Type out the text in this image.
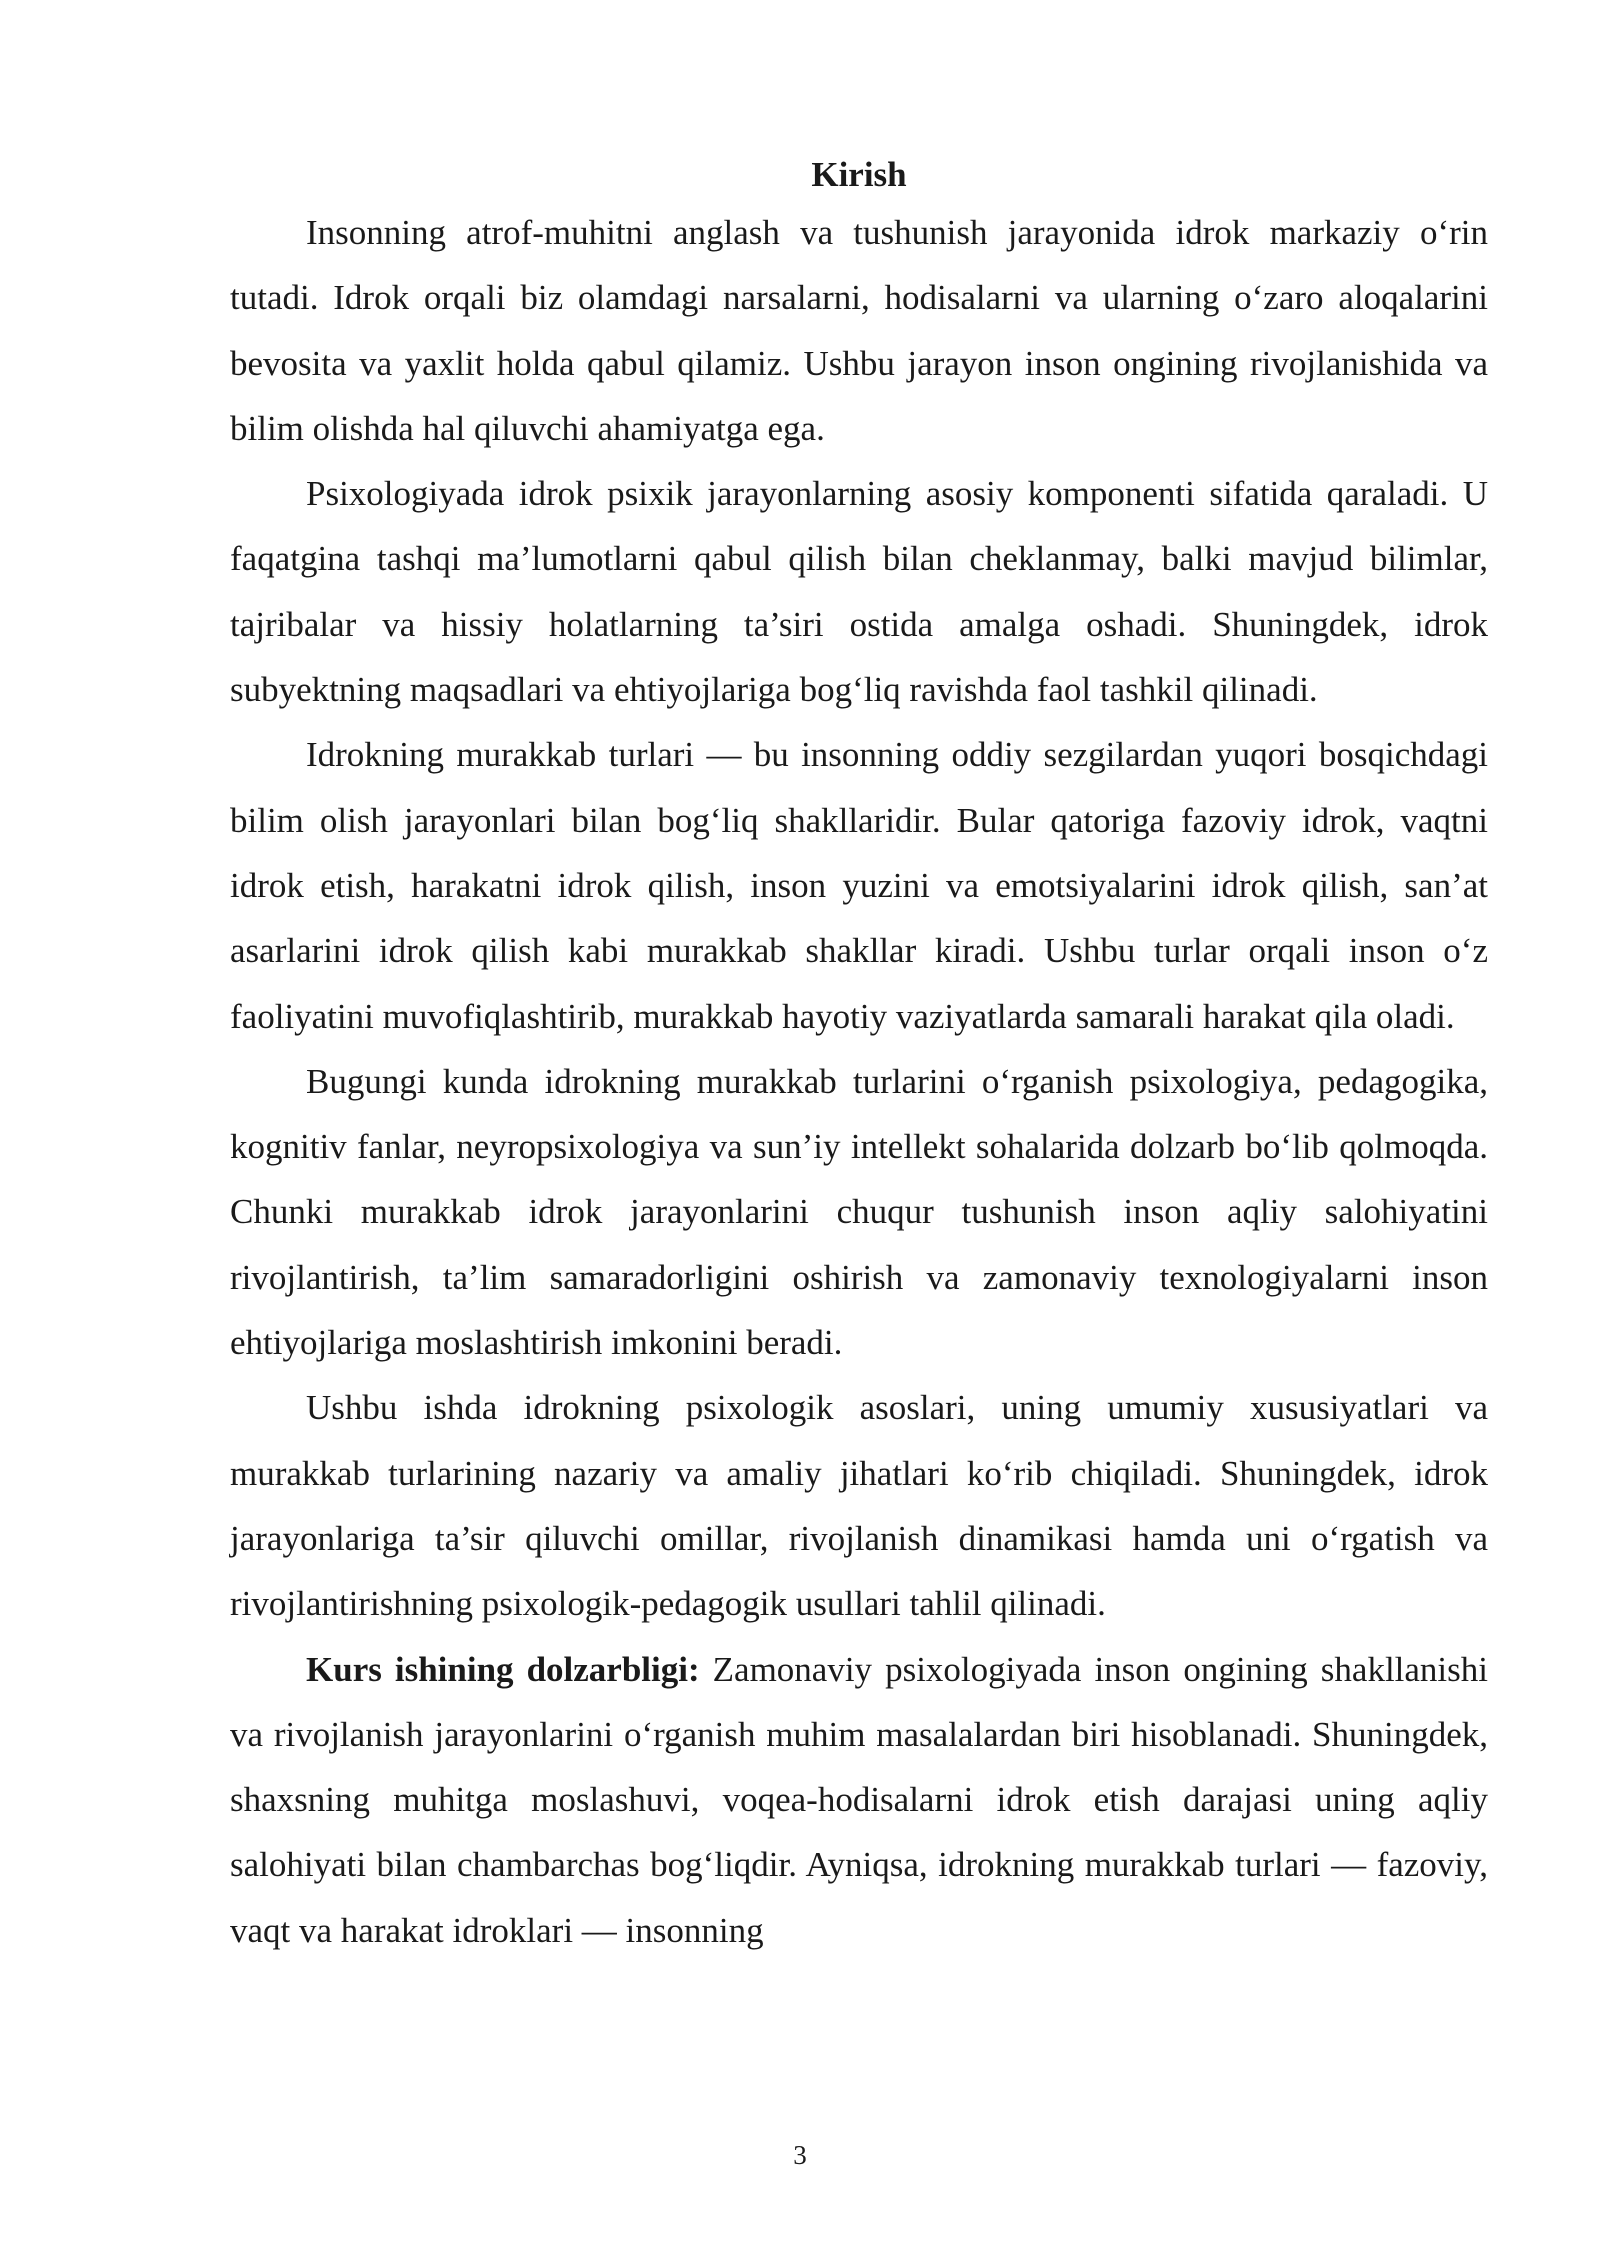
Kirish

Insonning atrof-muhitni anglash va tushunish jarayonida idrok markaziy o‘rin tutadi. Idrok orqali biz olamdagi narsalarni, hodisalarni va ularning o‘zaro aloqalarini bevosita va yaxlit holda qabul qilamiz. Ushbu jarayon inson ongining rivojlanishida va bilim olishda hal qiluvchi ahamiyatga ega.

Psixologiyada idrok psixik jarayonlarning asosiy komponenti sifatida qaraladi. U faqatgina tashqi ma’lumotlarni qabul qilish bilan cheklanmay, balki mavjud bilimlar, tajribalar va hissiy holatlarning ta’siri ostida amalga oshadi. Shuningdek, idrok subyektning maqsadlari va ehtiyojlariga bog‘liq ravishda faol tashkil qilinadi.

Idrokning murakkab turlari — bu insonning oddiy sezgilardan yuqori bosqichdagi bilim olish jarayonlari bilan bog‘liq shakllaridir. Bular qatoriga fazoviy idrok, vaqtni idrok etish, harakatni idrok qilish, inson yuzini va emotsiyalarini idrok qilish, san’at asarlarini idrok qilish kabi murakkab shakllar kiradi. Ushbu turlar orqali inson o‘z faoliyatini muvofiqlashtirib, murakkab hayotiy vaziyatlarda samarali harakat qila oladi.

Bugungi kunda idrokning murakkab turlarini o‘rganish psixologiya, pedagogika, kognitiv fanlar, neyropsixologiya va sun’iy intellekt sohalarida dolzarb bo‘lib qolmoqda. Chunki murakkab idrok jarayonlarini chuqur tushunish inson aqliy salohiyatini rivojlantirish, ta’lim samaradorligini oshirish va zamonaviy texnologiyalarni inson ehtiyojlariga moslashtirish imkonini beradi.

Ushbu ishda idrokning psixologik asoslari, uning umumiy xususiyatlari va murakkab turlarining nazariy va amaliy jihatlari ko‘rib chiqiladi. Shuningdek, idrok jarayonlariga ta’sir qiluvchi omillar, rivojlanish dinamikasi hamda uni o‘rgatish va rivojlantirishning psixologik-pedagogik usullari tahlil qilinadi.

Kurs ishining dolzarbligi: Zamonaviy psixologiyada inson ongining shakllanishi va rivojlanish jarayonlarini o‘rganish muhim masalalardan biri hisoblanadi. Shuningdek, shaxsning muhitga moslashuvi, voqea-hodisalarni idrok etish darajasi uning aqliy salohiyati bilan chambarchas bog‘liqdir. Ayniqsa, idrokning murakkab turlari — fazoviy, vaqt va harakat idroklari — insonning

3
